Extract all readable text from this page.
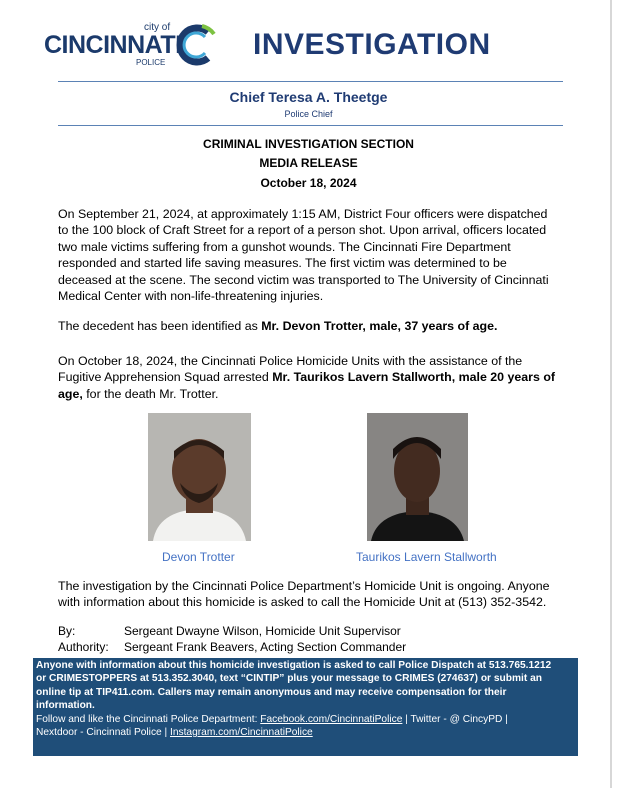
city of
CINCINNATI
POLICE
INVESTIGATION
Chief Teresa A. Theetge
Police Chief
CRIMINAL INVESTIGATION SECTION
MEDIA RELEASE
October 18, 2024
On September 21, 2024, at approximately 1:15 AM, District Four officers were dispatched
to the 100 block of Craft Street for a report of a person shot. Upon arrival, officers located
two male victims suffering from a gunshot wounds. The Cincinnati Fire Department
responded and started life saving measures. The first victim was determined to be
deceased at the scene. The second victim was transported to The University of Cincinnati
Medical Center with non-life-threatening injuries.
The decedent has been identified as Mr. Devon Trotter, male, 37 years of age.
On October 18, 2024, the Cincinnati Police Homicide Units with the assistance of the
Fugitive Apprehension Squad arrested Mr. Taurikos Lavern Stallworth, male 20 years of
age, for the death Mr. Trotter.
Devon Trotter	Taurikos Lavern Stallworth
The investigation by the Cincinnati Police Department’s Homicide Unit is ongoing. Anyone
with information about this homicide is asked to call the Homicide Unit at (513) 352-3542.
By:	Sergeant Dwayne Wilson, Homicide Unit Supervisor
Authority: Sergeant Frank Beavers, Acting Section Commander
Anyone with information about this homicide investigation is asked to call Police Dispatch at 513.765.1212
or CRIMESTOPPERS at 513.352.3040, text “CINTIP” plus your message to CRIMES (274637) or submit an
online tip at TIP411.com. Callers may remain anonymous and may receive compensation for their
information.
Follow and like the Cincinnati Police Department: Facebook.com/CincinnatiPolice | Twitter - @ CincyPD |
Nextdoor - Cincinnati Police | Instagram.com/CincinnatiPolice
